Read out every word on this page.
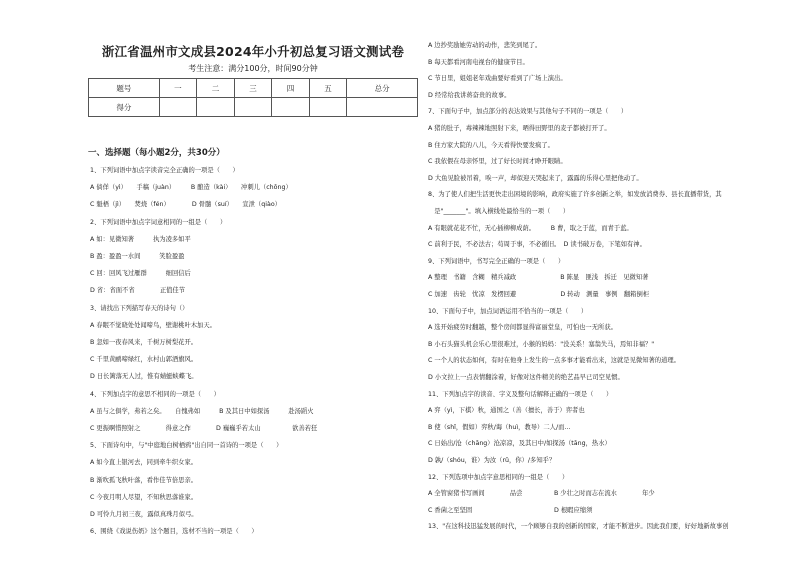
浙江省温州市文成县2024年小升初总复习语文测试卷
考生注意：满分100分，时间90分钟
题号	一	二	三	四	五	总分
得分						
一、选择题（每小题2分，共30分）
1、下列词语中加点字读音完全正确的一项是（　　）
A 倘佯（yì）　　手稿（juàn）　　　B 酿造（kài）　　冲刺儿（chōng）
C 魁梧（jì）　　焚烧（fén）　　　　D 骨髓（suí）　　宣泄（qiào）
2、下列词语中加点字词意相同的一组是（　　）
A 如：见微知著　　　执为凌多如平
B 盈：盈盈一水间　　　笑脸盈盈
C 回：回风飞过雁群　　　细回信后
D 省：省面不省　　　　正值佳节
3、请找出下列描写春天的诗句（）
A 春眠不觉晓处处闻啼鸟，壁谢桃叶木加天。
B 忽如一夜春风来，千树万树梨花开。
C 千里黄鹂啼绿红，水村山郭酒旗风。
D 日长篱落无人过，惟有蜻蜓蛱蝶飞。
4、下列加点字的意思不相同的一项是（　　）
A 虽与之俱学，弗若之矣。　　自愧弗如　　　B 及其日中如探汤　　　赴汤蹈火
C 更振啊惜照射之　　　　得意之作　　　　D 巍巍乎若太山　　　　　欲善若狂
5、下面诗句中，与"中庭地白树栖鸦"出自同一首诗的一项是（　　）
A 如今直上银河去，同到牵牛织女家。
B 渐吹孤飞秋叶落，看作佳节倍思亲。
C 今夜月明人尽望，不知秋思落谁家。
D 可怜九月初三夜，露似真珠月似弓。
6、围绕《戏说伤奶》这个题目，选材不当的一项是（　　）
A 边抄奖励她劳动的动作，悲笑到尾了。
B 每天都看河南电视台的健康节目。
C 节日里，姐姐老年戏曲要好看到了广场上演出。
D 经常给我讲蒋奋贵的故事。
7、下面句子中，加点部分的表达效果与其他句子不同的一项是（　　）
A 猪的肚子，毒辣辣地照射下来，晒得田野里的麦子都被打开了。
B 住方家大院的八儿，今天看得快要发疯了。
C 我依偎在母亲怀里，过了好长时间才睁开眼睛。
D 大鱼见脸被吊着，唉一声，却似迎天哭起来了，露露的乐得心里把他动了。
8、为了使人们把生活更快走出困境的影响，政府实施了许多创新之举，如发放消费券、县长直播带货，其
　是"_______"。填入横线处最恰当的一项（　　）
A 有眼就花花不忙，无心插柳柳成荫。　　　B 曹，取之于蓝，而青于蓝。
C 前利于民，不必法古；苟周于事，不必循旧。　D 读书破万卷，下笔如有神。
9、下列词语中，书写完全正确的一项是（　　）
A 整理　书籍　含糊　精兵减政　　　　　　　B 陈显　匪浅　拆迁　见微知著
C 加速　齿轮　忧凉　发楞回避　　　　　　　D 转动　测量　事例　翻箱倒柜
10、下面句子中，加点词语运用不恰当的一项是（　　）
A 选开始疲劳时翻越，整个房间都显得富丽堂皇，可怕也一无所获。
B 小石头猫头机会乐心里很难过，小猴的妈妈："没关系！塞翁失马，焉知非福？"
C 一个人的状态如何，有时在他身上发生的一点多事才能看出来，这就是见微知著的道理。
D 小文拉上一点表情翻涂着，好像对这件精美的绝艺品早已司空见惯。
11、下列加点字的读音、字义及整句话解释正确的一项是（　　）
A 弈（yì，下棋）秋，通国之（善（擅长，善于）弈者也
B 使（shǐ，假如）弈秋/诲（huì，教导）二人/而...
C 日始出/沧（chāng）沧凉凉，及其日中/如探汤（tāng，热水）
D 孰/（shóu，谁）为汝（rǔ，你）/多知乎？
12、下列选项中加点字意思相同的一组是（　　）
A 全管窗猪书写画间　　　　品尝　　　　　B 少壮之时而志在流水　　　　年少
C 香菌之至坚固　　　　　　　　　　　　　D 根暇应缩须
13、"在这科技迅猛发展的时代，一个顾够自我的创新的国家，才能不断进步。因此我们要，好好地新故事创
